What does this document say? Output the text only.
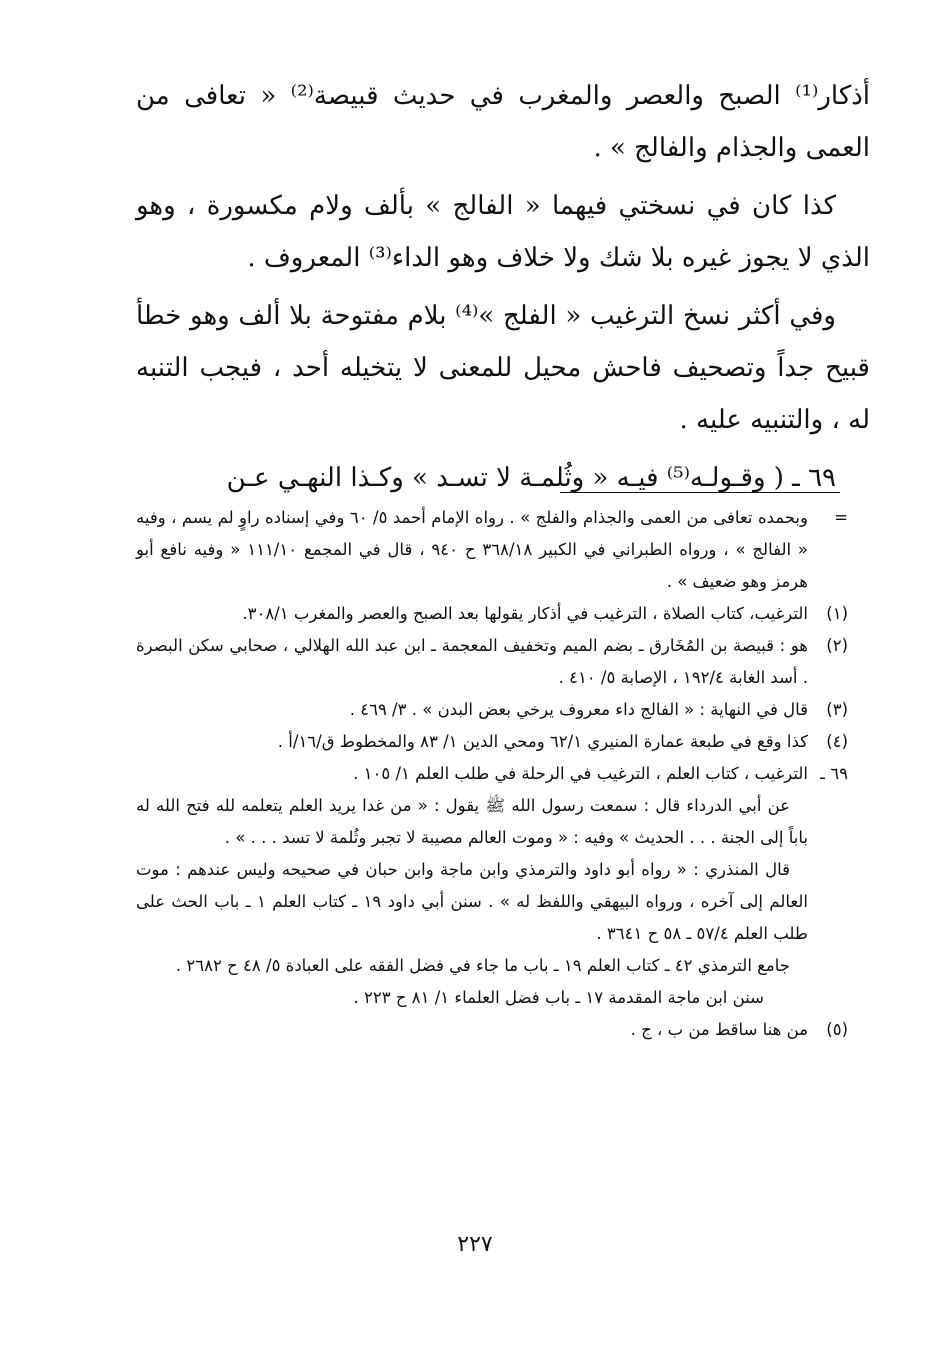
أذكار⁽¹⁾ الصبح والعصر والمغرب في حديث قبيصة⁽²⁾ « تعافى من العمى والجذام والفالج » .

كذا كان في نسختي فيهما « الفالج » بألف ولام مكسورة ، وهو الذي لا يجوز غيره بلا شك ولا خلاف وهو الداء⁽³⁾ المعروف .

وفي أكثر نسخ الترغيب « الفلج »⁽⁴⁾ بلام مفتوحة بلا ألف وهو خطأ قبيح جداً وتصحيف فاحش محيل للمعنى لا يتخيله أحد ، فيجب التنبه له ، والتنبيه عليه .

٦٩ ـ ( وقـولـه⁽⁵⁾ فيـه « وثُلمـة لا تسـد » وكـذا النهـي عـن

=

وبحمده تعافى من العمى والجذام والفلج » . رواه الإمام أحمد ٥/ ٦٠ وفي إسناده راوٍ لم يسم ، وفيه « الفالج » ، ورواه الطبراني في الكبير ٣٦٨/١٨ ح ٩٤٠ ، قال في المجمع ١١١/١٠ « وفيه نافع أبو هرمز وهو ضعيف » .

(١)

الترغيب، كتاب الصلاة ، الترغيب في أذكار يقولها بعد الصبح والعصر والمغرب ٣٠٨/١.

(٢)

هو : قبيصة بن المُخَارق ـ بضم الميم وتخفيف المعجمة ـ ابن عبد الله الهلالي ، صحابي سكن البصرة . أسد الغابة ١٩٢/٤ ، الإصابة ٥/ ٤١٠ .

(٣)

قال في النهاية : « الفالج داء معروف يرخي بعض البدن » . ٣/ ٤٦٩ .

(٤)

كذا وقع في طبعة عمارة المنيري ٦٢/١ ومحي الدين ١/ ٨٣ والمخطوط ق/١٦/أ .

٦٩ ـ

الترغيب ، كتاب العلم ، الترغيب في الرحلة في طلب العلم ١/ ١٠٥ .

عن أبي الدرداء قال : سمعت رسول الله ﷺ يقول : « من غدا يريد العلم يتعلمه لله فتح الله له باباً إلى الجنة . . . الحديث » وفيه : « وموت العالم مصيبة لا تجبر وثُلمة لا تسد . . . » .

قال المنذري : « رواه أبو داود والترمذي وابن ماجة وابن حبان في صحيحه وليس عندهم : موت العالم إلى آخره ، ورواه البيهقي واللفظ له » . سنن أبي داود ١٩ ـ كتاب العلم ١ ـ باب الحث على طلب العلم ٥٧/٤ ـ ٥٨ ح ٣٦٤١ .

جامع الترمذي ٤٢ ـ كتاب العلم ١٩ ـ باب ما جاء في فضل الفقه على العبادة ٥/ ٤٨ ح ٢٦٨٢ .

سنن ابن ماجة المقدمة ١٧ ـ باب فضل العلماء ١/ ٨١ ح ٢٢٣ .

(٥)

من هنا ساقط من ب ، ج .

٢٢٧
